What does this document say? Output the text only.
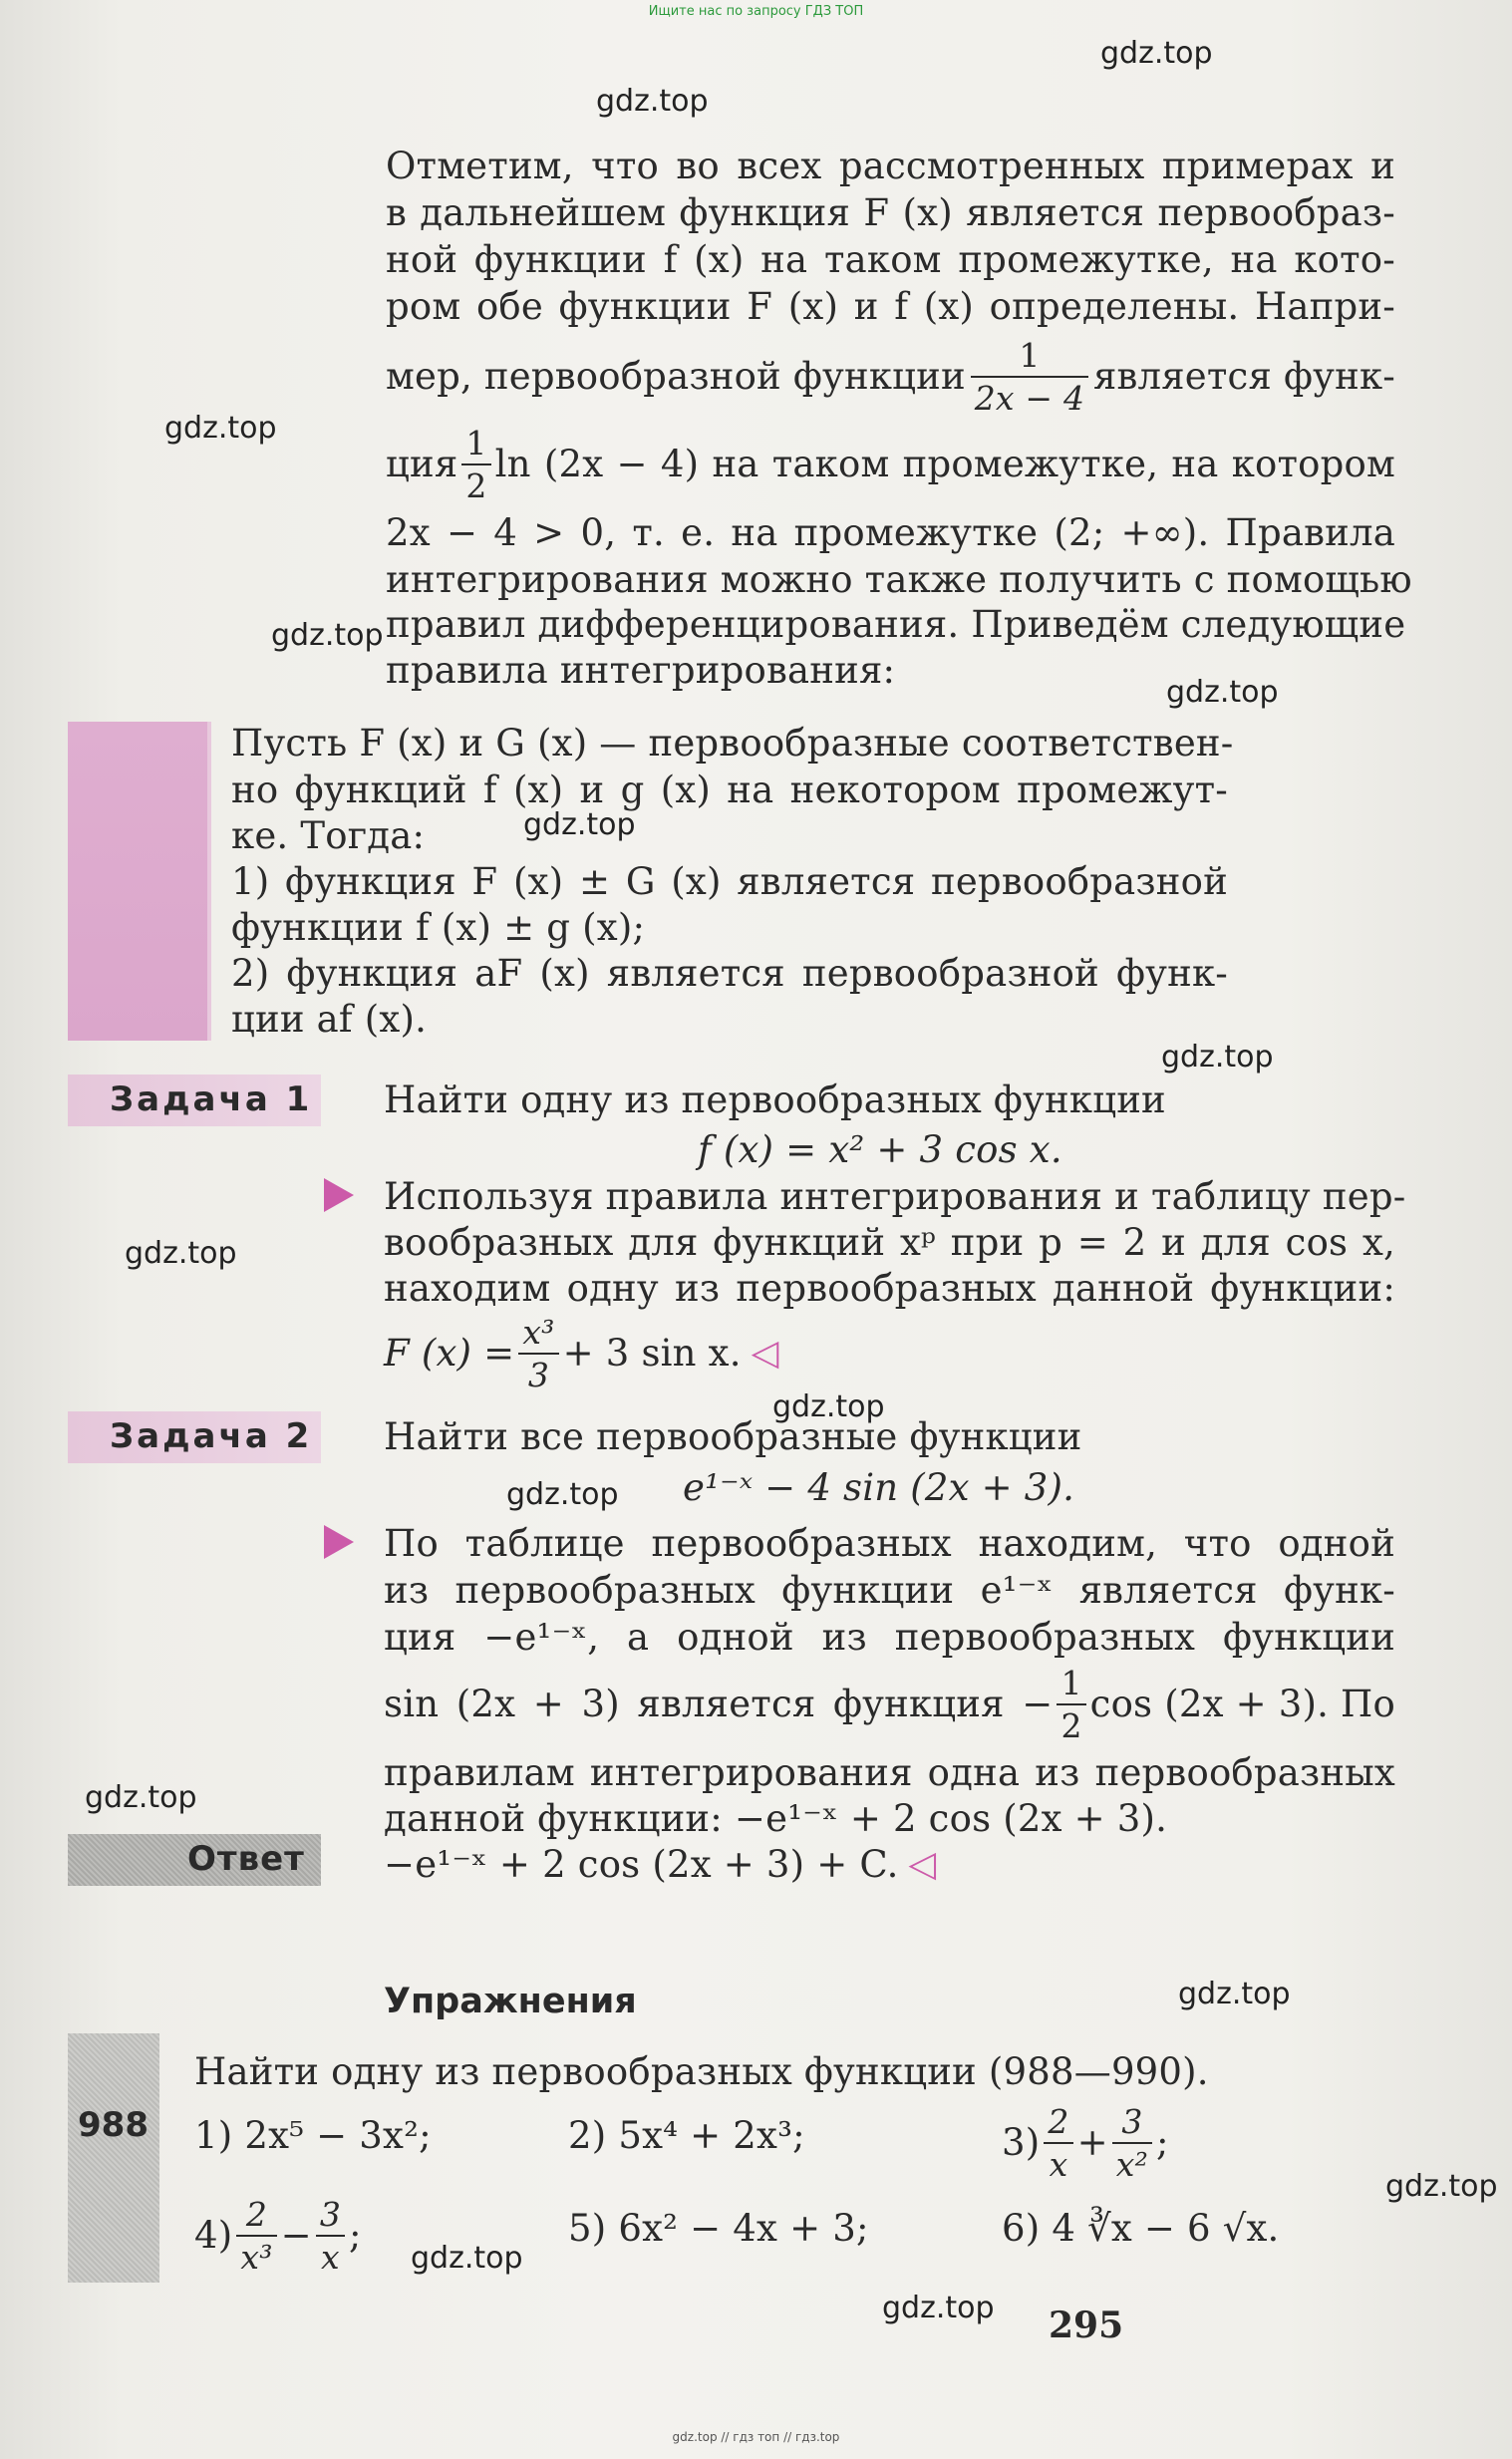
Ищите нас по запросу ГДЗ ТОП
gdz.top
gdz.top
gdz.top
gdz.top
gdz.top
gdz.top
gdz.top
gdz.top
gdz.top
gdz.top
gdz.top
gdz.top
gdz.top
gdz.top
gdz.top
Отметим, что во всех рассмотренных примерах и
в дальнейшем функция F (x) является первообраз-
ной функции f (x) на таком промежутке, на кото-
ром обе функции F (x) и f (x) определены. Напри-
мер, первообразной функции $\frac{1}{2x - 4}$ является функ-
ция $\frac{1}{2}$ ln (2x − 4) на таком промежутке, на котором
2x − 4 > 0, т. е. на промежутке (2; +∞). Правила
интегрирования можно также получить с помощью
правил дифференцирования. Приведём следующие
правила интегрирования:
Пусть F (x) и G (x) — первообразные соответствен-
но функций f (x) и g (x) на некотором промежут-
ке. Тогда:
1) функция F (x) ± G (x) является первообразной
функции f (x) ± g (x);
2) функция aF (x) является первообразной функ-
ции af (x).
Задача 1 Найти одну из первообразных функции
f (x) = x² + 3 cos x.
Используя правила интегрирования и таблицу пер-
вообразных для функций xᵖ при p = 2 и для cos x,
находим одну из первообразных данной функции:
F $(x) = \frac{\text{x³}}{3} + 3$ sin x. ◁
Задача 2 Найти все первообразные функции
e¹⁻ˣ − 4 sin (2x + 3).
По таблице первообразных находим, что одной
из первообразных функции e¹⁻ˣ является функ-
ция −e¹⁻ˣ, а одной из первообразных функции
sin (2x + 3) является функция − $\frac{1}{2}$ cos (2x + 3). По
правилам интегрирования одна из первообразных
данной функции: −e¹⁻ˣ + 2 cos (2x + 3).
Ответ −e¹⁻ˣ + 2 cos (2x + 3) + C. ◁
Упражнения
988
Найти одну из первообразных функции (988—990).
1) 2x⁵ − 3x²;	2) 5x⁴ + 2x³;	$3) \frac{2}{x} + \frac{3}{\text{x²}}$ ;
$4) \frac{2}{\text{x³}} - \frac{3}{x}$ ;	5) 6x² − 4x + 3;	6) 4 ∛x − 6 √x.
295
gdz.top // гдз топ // гдз.top
